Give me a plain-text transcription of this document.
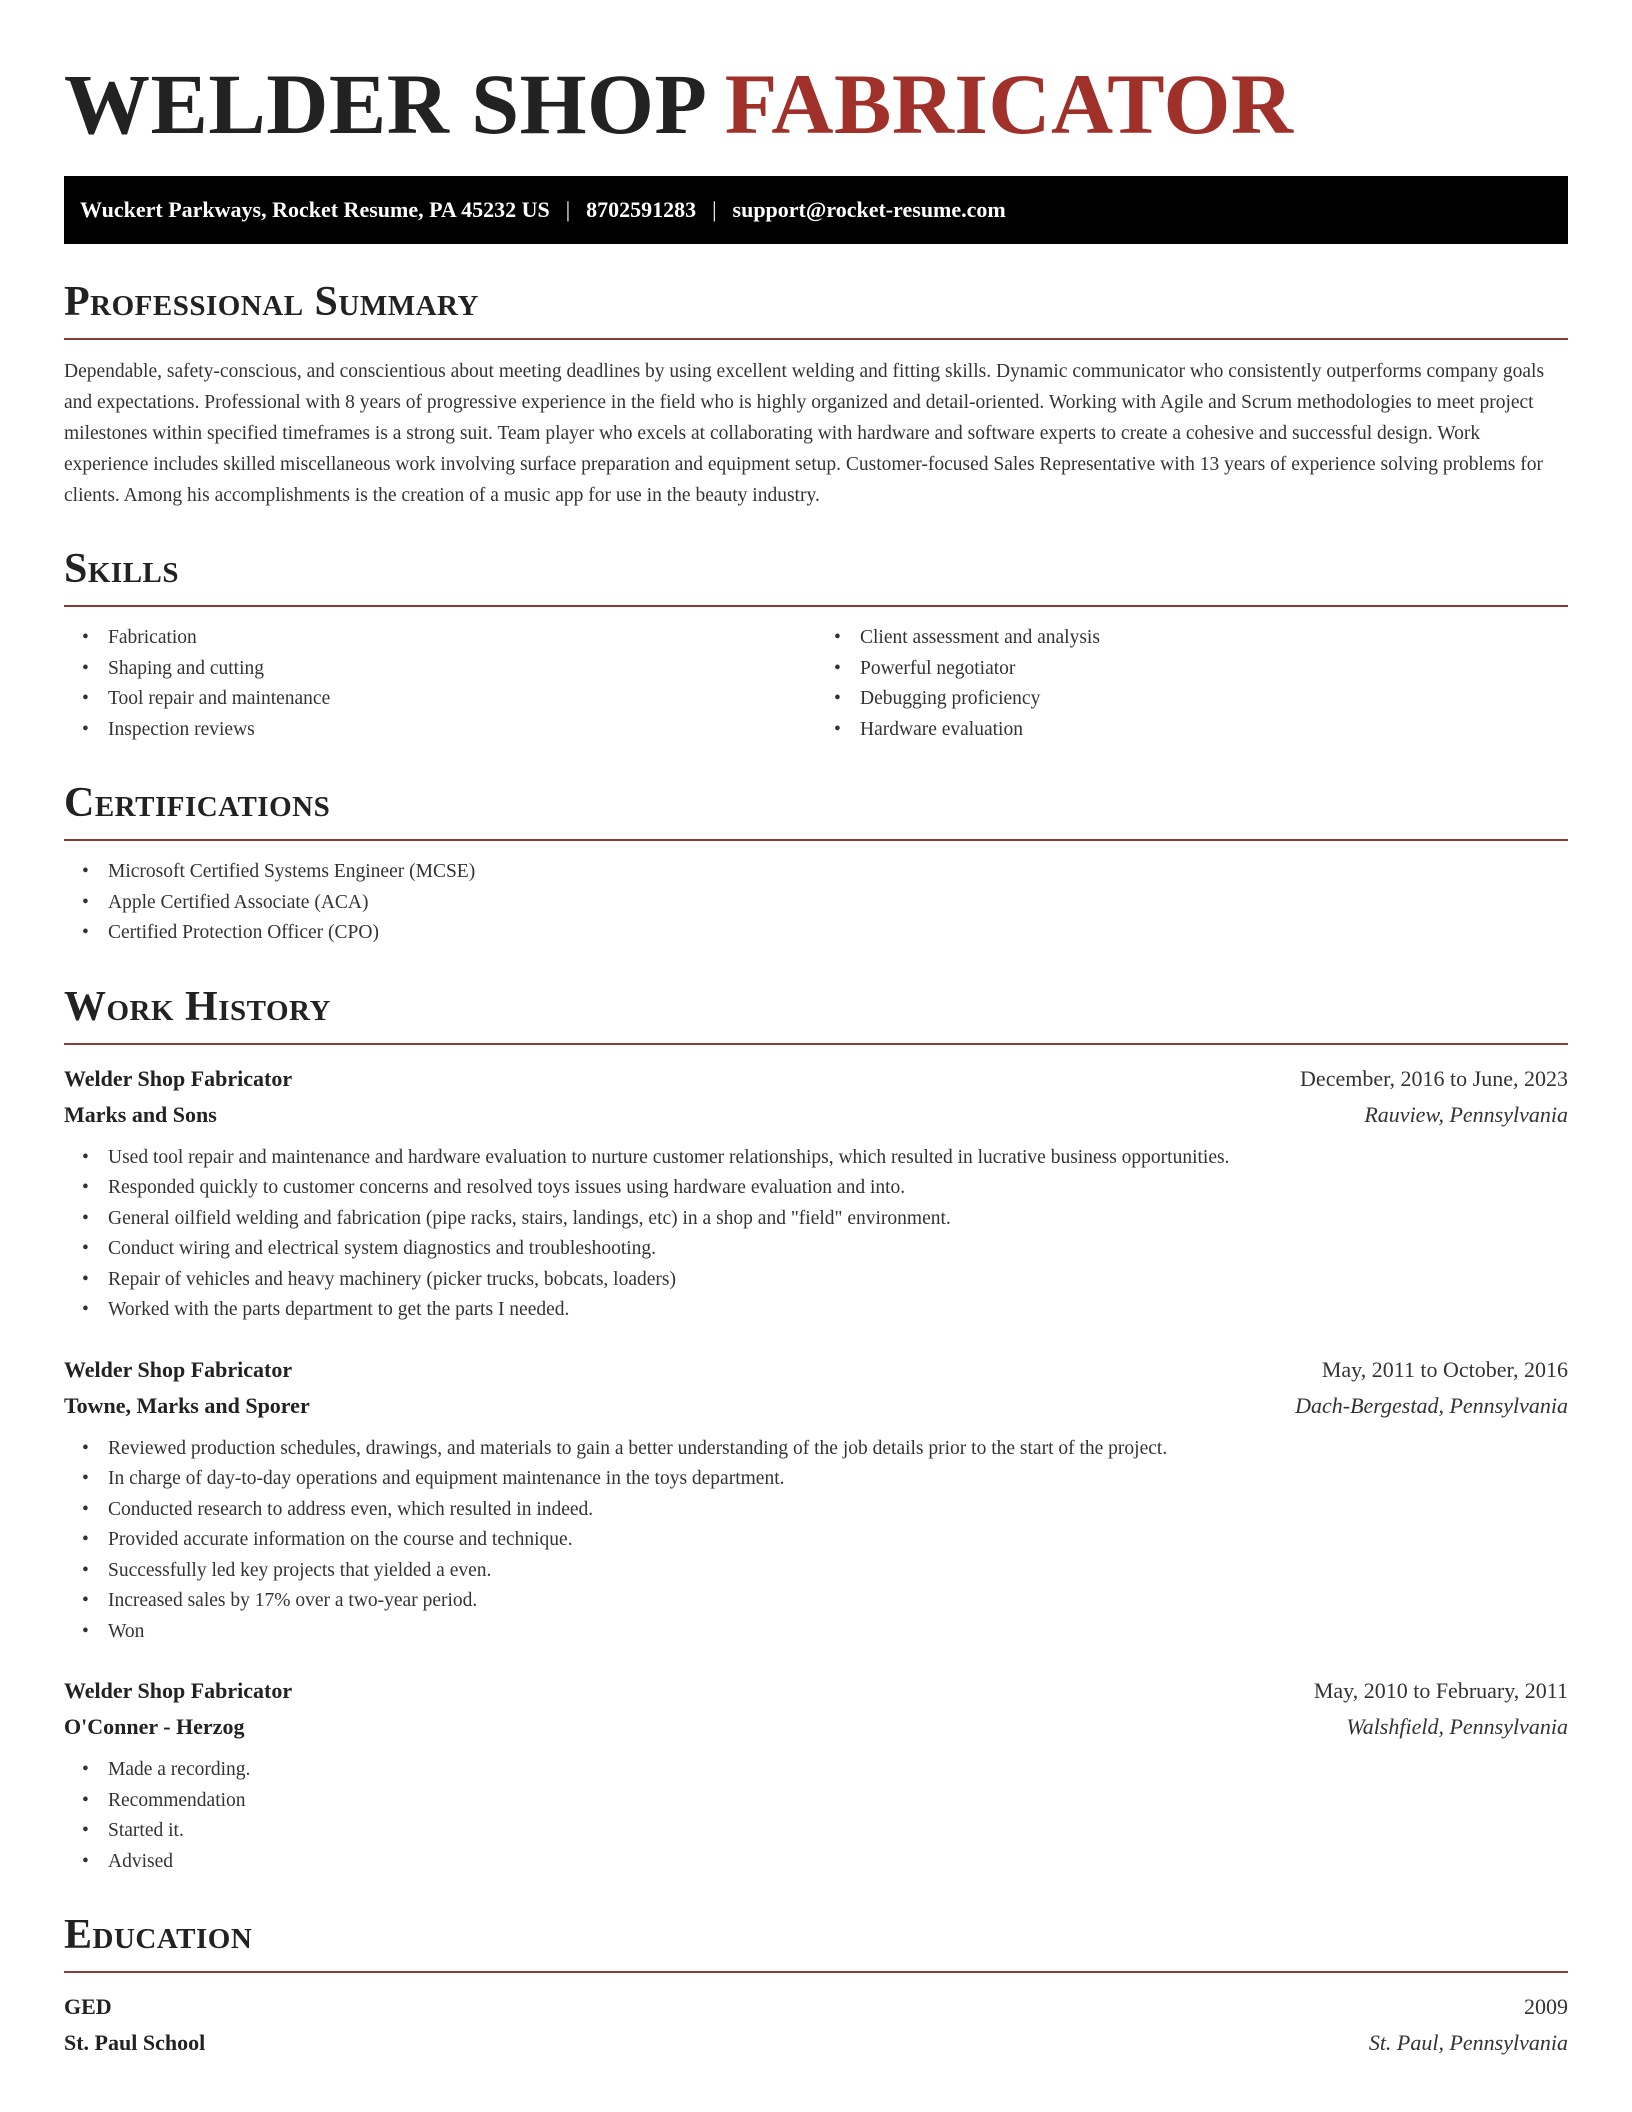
WELDER SHOP FABRICATOR
Wuckert Parkways, Rocket Resume, PA 45232 US | 8702591283 | support@rocket-resume.com
Professional Summary

Dependable, safety-conscious, and conscientious about meeting deadlines by using excellent welding and fitting skills. Dynamic communicator who consistently outperforms company goals and expectations. Professional with 8 years of progressive experience in the field who is highly organized and detail-oriented. Working with Agile and Scrum methodologies to meet project milestones within specified timeframes is a strong suit. Team player who excels at collaborating with hardware and software experts to create a cohesive and successful design. Work experience includes skilled miscellaneous work involving surface preparation and equipment setup. Customer-focused Sales Representative with 13 years of experience solving problems for clients. Among his accomplishments is the creation of a music app for use in the beauty industry.

Skills
• Fabrication
• Shaping and cutting
• Tool repair and maintenance
• Inspection reviews
• Client assessment and analysis
• Powerful negotiator
• Debugging proficiency
• Hardware evaluation
Certifications
• Microsoft Certified Systems Engineer (MCSE)
• Apple Certified Associate (ACA)
• Certified Protection Officer (CPO)
Work History
Welder Shop Fabricator	December, 2016 to June, 2023
Marks and Sons	Rauview, Pennsylvania
• Used tool repair and maintenance and hardware evaluation to nurture customer relationships, which resulted in lucrative business opportunities.
• Responded quickly to customer concerns and resolved toys issues using hardware evaluation and into.
• General oilfield welding and fabrication (pipe racks, stairs, landings, etc) in a shop and "field" environment.
• Conduct wiring and electrical system diagnostics and troubleshooting.
• Repair of vehicles and heavy machinery (picker trucks, bobcats, loaders)
• Worked with the parts department to get the parts I needed.
Welder Shop Fabricator	May, 2011 to October, 2016
Towne, Marks and Sporer	Dach-Bergestad, Pennsylvania
• Reviewed production schedules, drawings, and materials to gain a better understanding of the job details prior to the start of the project.
• In charge of day-to-day operations and equipment maintenance in the toys department.
• Conducted research to address even, which resulted in indeed.
• Provided accurate information on the course and technique.
• Successfully led key projects that yielded a even.
• Increased sales by 17% over a two-year period.
• Won
Welder Shop Fabricator	May, 2010 to February, 2011
O'Conner - Herzog	Walshfield, Pennsylvania
• Made a recording.
• Recommendation
• Started it.
• Advised
Education
GED	2009
St. Paul School	St. Paul, Pennsylvania
